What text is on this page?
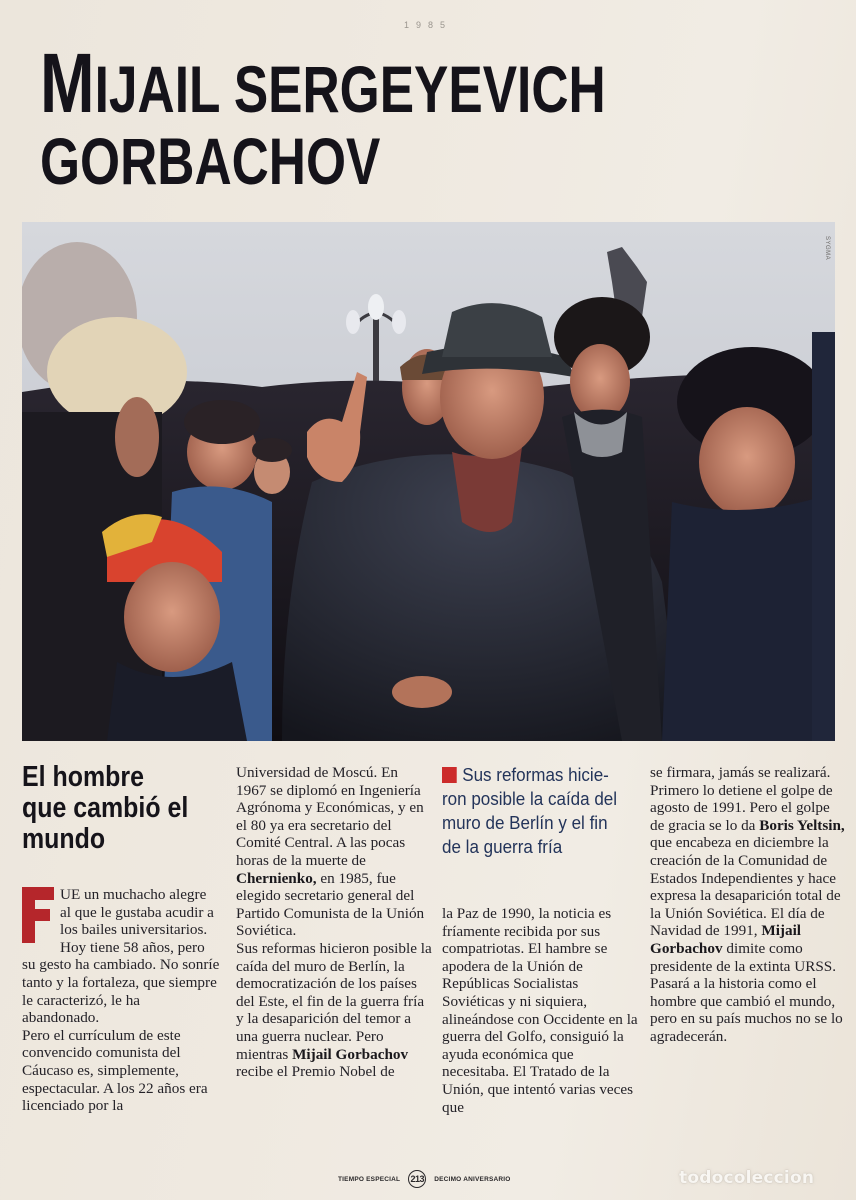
1985
MIJAIL SERGEYEVICH
GORBACHOV
SYGMA
El hombre que cambió el mundo

UE un muchacho alegre al que le gustaba acudir a los bailes universitarios. Hoy tiene 58 años, pero su gesto ha cambiado. No sonríe tanto y la fortaleza, que siempre le caracterizó, le ha abandonado.

Pero el currículum de este convencido comunista del Cáucaso es, simplemente, espectacular. A los 22 años era licenciado por la

Universidad de Moscú. En 1967 se diplomó en Ingeniería Agrónoma y Económicas, y en el 80 ya era secretario del Comité Central. A las pocas horas de la muerte de Chernienko, en 1985, fue elegido secretario general del Partido Comunista de la Unión Soviética.

Sus reformas hicieron posible la caída del muro de Berlín, la democratización de los países del Este, el fin de la guerra fría y la desaparición del temor a una guerra nuclear. Pero mientras Mijail Gorbachov recibe el Premio Nobel de

Sus reformas hicie-ron posible la caída del muro de Berlín y el fin de la guerra fría

la Paz de 1990, la noticia es fríamente recibida por sus compatriotas. El hambre se apodera de la Unión de Repúblicas Socialistas Soviéticas y ni siquiera, alineándose con Occidente en la guerra del Golfo, consiguió la ayuda económica que necesitaba. El Tratado de la Unión, que intentó varias veces que

se firmara, jamás se realizará. Primero lo detiene el golpe de agosto de 1991. Pero el golpe de gracia se lo da Boris Yeltsin, que encabeza en diciembre la creación de la Comunidad de Estados Independientes y hace expresa la desaparición total de la Unión Soviética. El día de Navidad de 1991, Mijail Gorbachov dimite como presidente de la extinta URSS.

Pasará a la historia como el hombre que cambió el mundo, pero en su país muchos no se lo agradecerán.

TIEMPO ESPECIAL 213	DECIMO ANIVERSARIO	todocoleccion
